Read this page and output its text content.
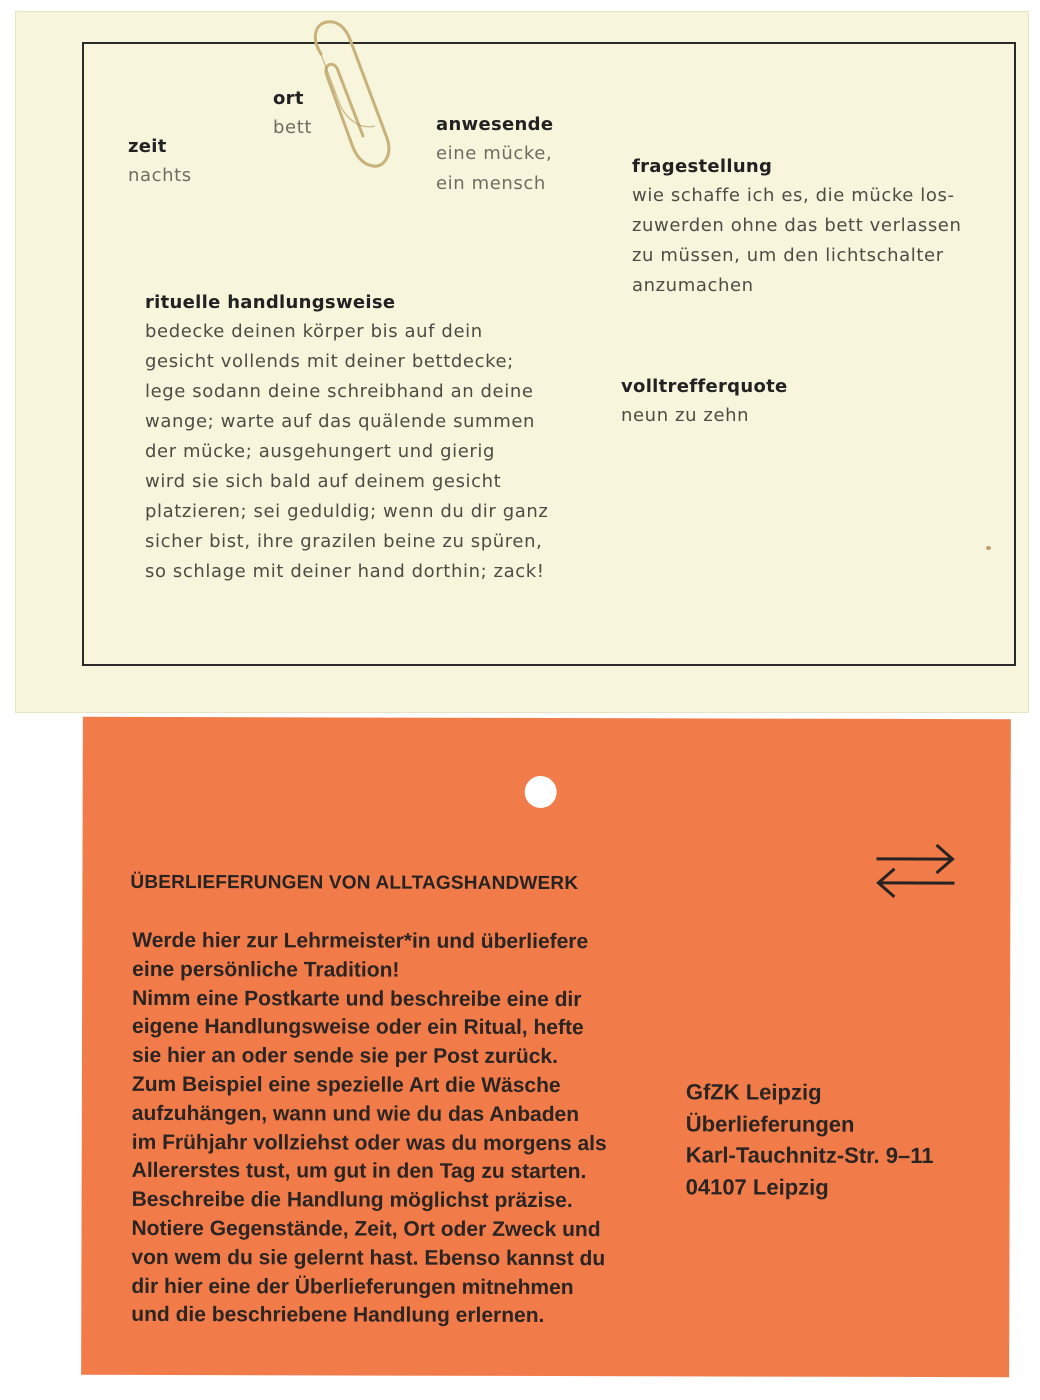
zeit
nachts
ort
bett	anwesende
eine mücke,
ein mensch
fragestellung
wie schaffe ich es, die mücke los-
zuwerden ohne das bett verlassen
zu müssen, um den lichtschalter
anzumachen
rituelle handlungsweise
bedecke deinen körper bis auf dein
gesicht vollends mit deiner bettdecke;
lege sodann deine schreibhand an deine
wange; warte auf das quälende summen
der mücke; ausgehungert und gierig
wird sie sich bald auf deinem gesicht
platzieren; sei geduldig; wenn du dir ganz
sicher bist, ihre grazilen beine zu spüren,
so schlage mit deiner hand dorthin; zack!
volltrefferquote
neun zu zehn
ÜBERLIEFERUNGEN VON ALLTAGSHANDWERK
Werde hier zur Lehrmeister*in und überliefere
eine persönliche Tradition!
Nimm eine Postkarte und beschreibe eine dir
eigene Handlungsweise oder ein Ritual, hefte
sie hier an oder sende sie per Post zurück.
Zum Beispiel eine spezielle Art die Wäsche
aufzuhängen, wann und wie du das Anbaden
im Frühjahr vollziehst oder was du morgens als
Allererstes tust, um gut in den Tag zu starten.
Beschreibe die Handlung möglichst präzise.
Notiere Gegenstände, Zeit, Ort oder Zweck und
von wem du sie gelernt hast. Ebenso kannst du
dir hier eine der Überlieferungen mitnehmen
und die beschriebene Handlung erlernen.
GfZK Leipzig
Überlieferungen
Karl-Tauchnitz-Str. 9–11
04107 Leipzig
